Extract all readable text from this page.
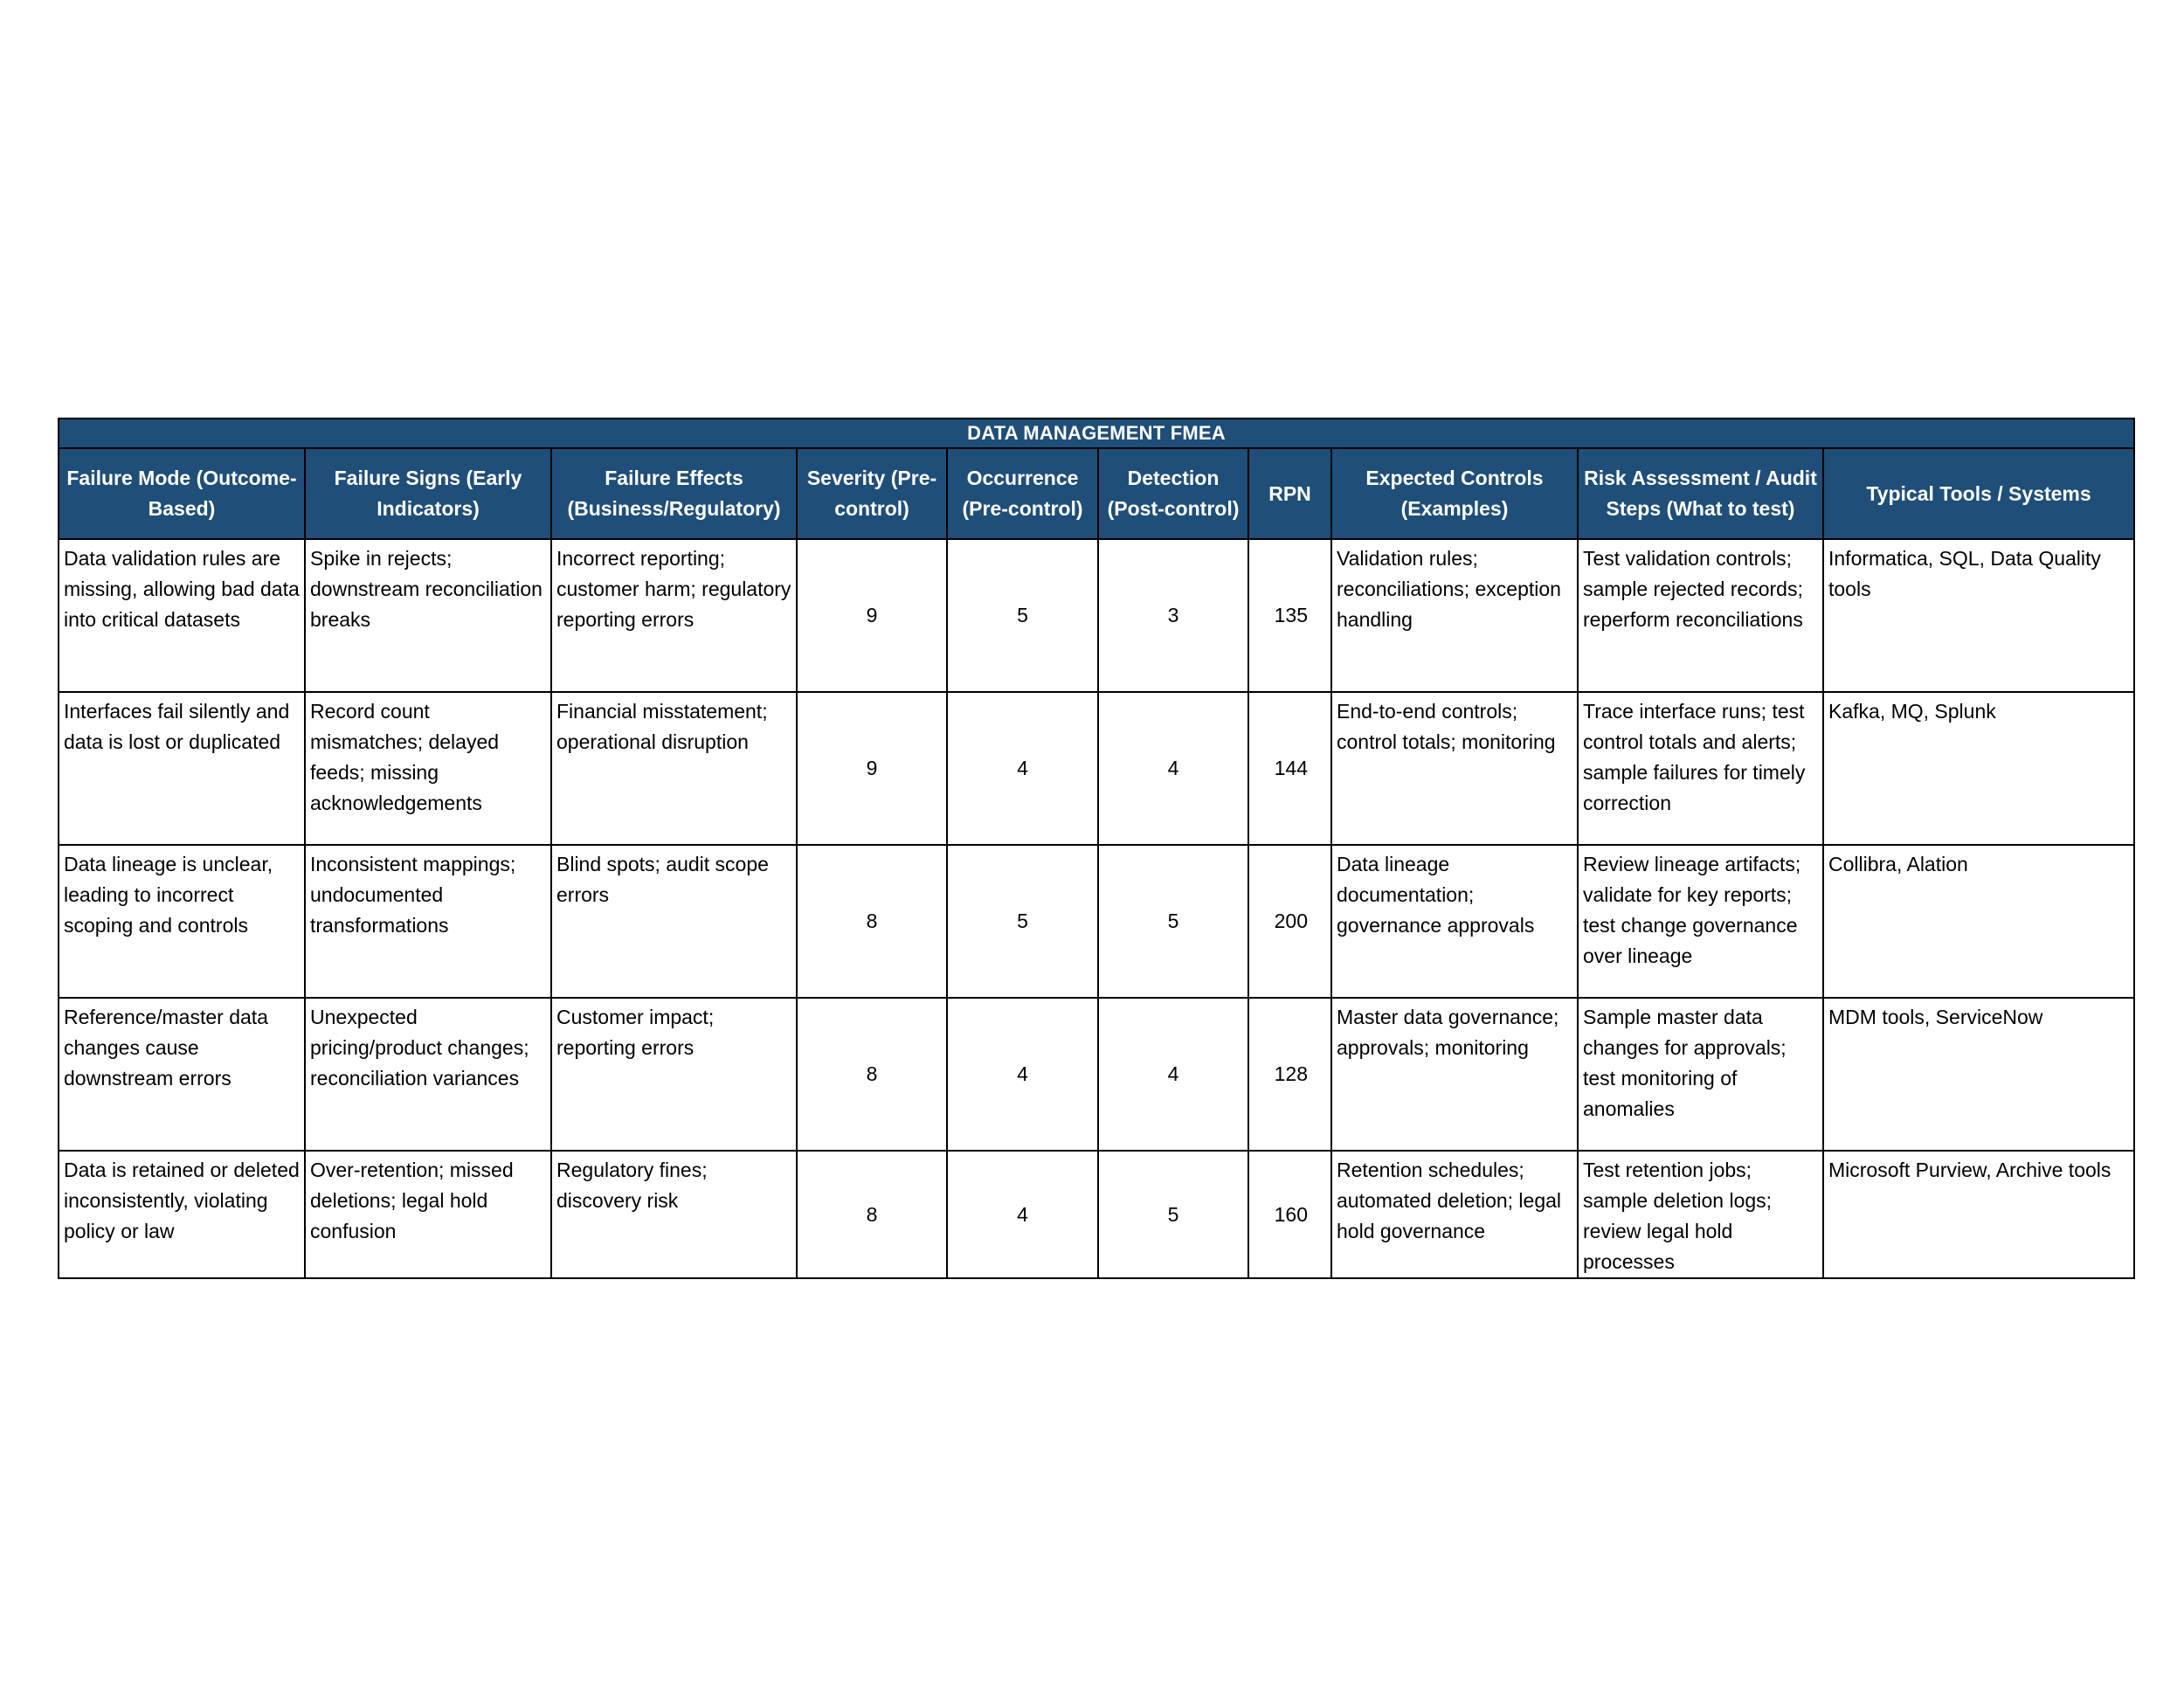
DATA MANAGEMENT FMEA									
Failure Mode (Outcome-Based)	Failure Signs (Early Indicators)	Failure Effects (Business/Regulatory)	Severity (Pre-control)	Occurrence (Pre-control)	Detection (Post-control)	RPN	Expected Controls (Examples)	Risk Assessment / Audit Steps (What to test)	Typical Tools / Systems
Data validation rules are missing, allowing bad data into critical datasets	Spike in rejects; downstream reconciliation breaks	Incorrect reporting; customer harm; regulatory reporting errors	9	5	3	135	Validation rules; reconciliations; exception handling	Test validation controls; sample rejected records; reperform reconciliations	Informatica, SQL, Data Quality tools
Interfaces fail silently and data is lost or duplicated	Record count mismatches; delayed feeds; missing acknowledgements	Financial misstatement; operational disruption	9	4	4	144	End-to-end controls; control totals; monitoring	Trace interface runs; test control totals and alerts; sample failures for timely correction	Kafka, MQ, Splunk
Data lineage is unclear, leading to incorrect scoping and controls	Inconsistent mappings; undocumented transformations	Blind spots; audit scope errors	8	5	5	200	Data lineage documentation; governance approvals	Review lineage artifacts; validate for key reports; test change governance over lineage	Collibra, Alation
Reference/master data changes cause downstream errors	Unexpected pricing/product changes; reconciliation variances	Customer impact; reporting errors	8	4	4	128	Master data governance; approvals; monitoring	Sample master data changes for approvals; test monitoring of anomalies	MDM tools, ServiceNow
Data is retained or deleted inconsistently, violating policy or law	Over-retention; missed deletions; legal hold confusion	Regulatory fines; discovery risk	8	4	5	160	Retention schedules; automated deletion; legal hold governance	Test retention jobs; sample deletion logs; review legal hold processes	Microsoft Purview, Archive tools
